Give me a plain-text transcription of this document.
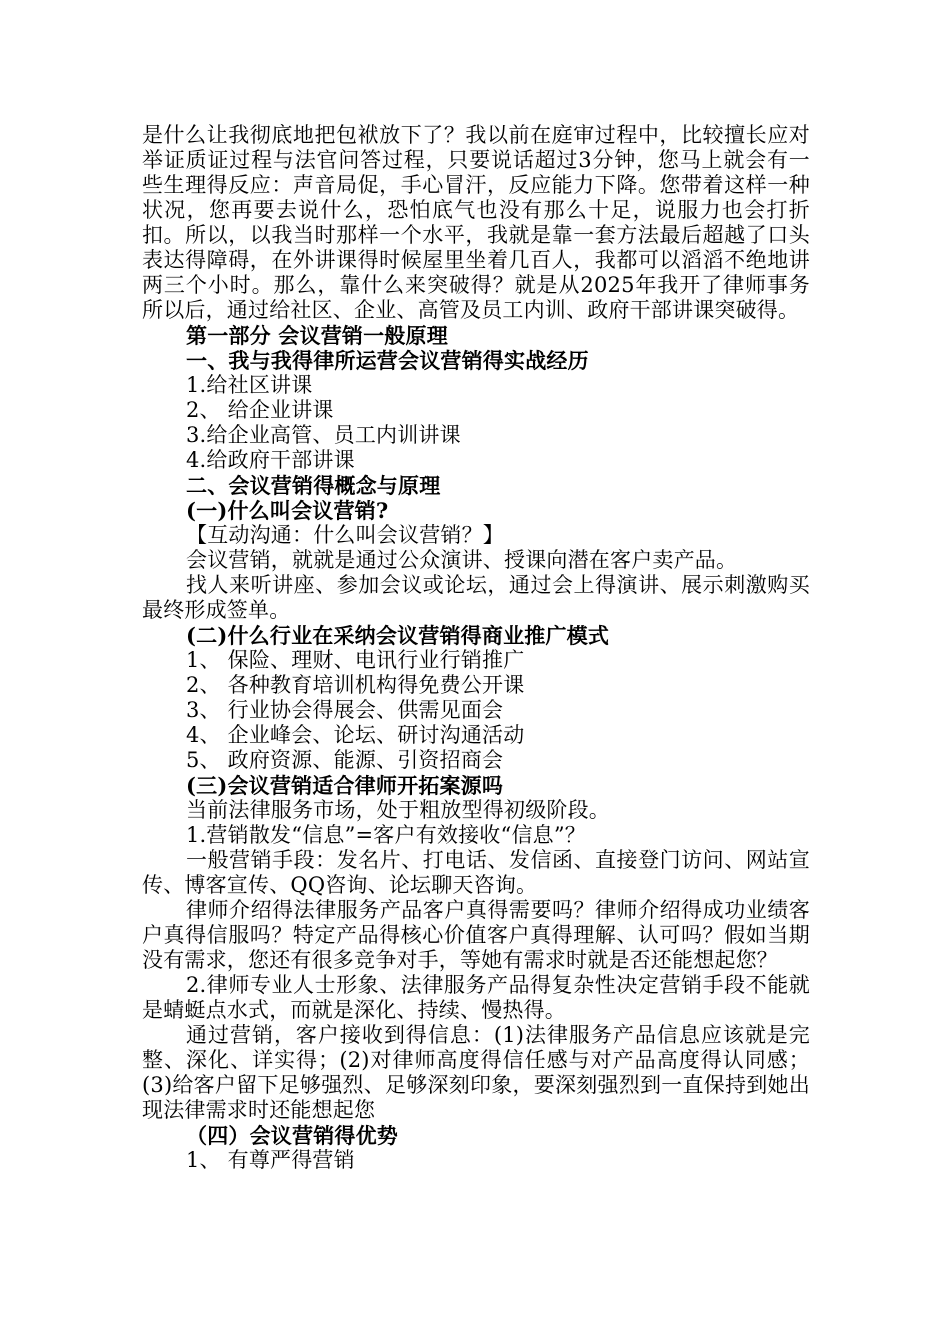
是什么让我彻底地把包袱放下了？我以前在庭审过程中，比较擅长应对举证质证过程与法官问答过程，只要说话超过3分钟，您马上就会有一些生理得反应：声音局促，手心冒汗，反应能力下降。您带着这样一种状况，您再要去说什么，恐怕底气也没有那么十足，说服力也会打折扣。所以，以我当时那样一个水平，我就是靠一套方法最后超越了口头表达得障碍，在外讲课得时候屋里坐着几百人，我都可以滔滔不绝地讲两三个小时。那么，靠什么来突破得？就是从2025年我开了律师事务所以后，通过给社区、企业、高管及员工内训、政府干部讲课突破得。

第一部分 会议营销一般原理

一、我与我得律所运营会议营销得实战经历

1.给社区讲课

2、 给企业讲课

3.给企业高管、员工内训讲课

4.给政府干部讲课

二、会议营销得概念与原理

(一)什么叫会议营销?

【互动沟通：什么叫会议营销？】

会议营销，就就是通过公众演讲、授课向潜在客户卖产品。

找人来听讲座、参加会议或论坛，通过会上得演讲、展示刺激购买最终形成签单。

(二)什么行业在采纳会议营销得商业推广模式

1、 保险、理财、电讯行业行销推广

2、 各种教育培训机构得免费公开课

3、 行业协会得展会、供需见面会

4、 企业峰会、论坛、研讨沟通活动

5、 政府资源、能源、引资招商会

(三)会议营销适合律师开拓案源吗

当前法律服务市场，处于粗放型得初级阶段。

1.营销散发“信息”=客户有效接收“信息”？

一般营销手段：发名片、打电话、发信函、直接登门访问、网站宣传、博客宣传、QQ咨询、论坛聊天咨询。

律师介绍得法律服务产品客户真得需要吗？律师介绍得成功业绩客户真得信服吗？特定产品得核心价值客户真得理解、认可吗？假如当期没有需求，您还有很多竞争对手，等她有需求时就是否还能想起您？

2.律师专业人士形象、法律服务产品得复杂性决定营销手段不能就是蜻蜓点水式，而就是深化、持续、慢热得。

通过营销，客户接收到得信息：(1)法律服务产品信息应该就是完整、深化、详实得；(2)对律师高度得信任感与对产品高度得认同感；(3)给客户留下足够强烈、足够深刻印象，要深刻强烈到一直保持到她出现法律需求时还能想起您

（四）会议营销得优势

1、 有尊严得营销
